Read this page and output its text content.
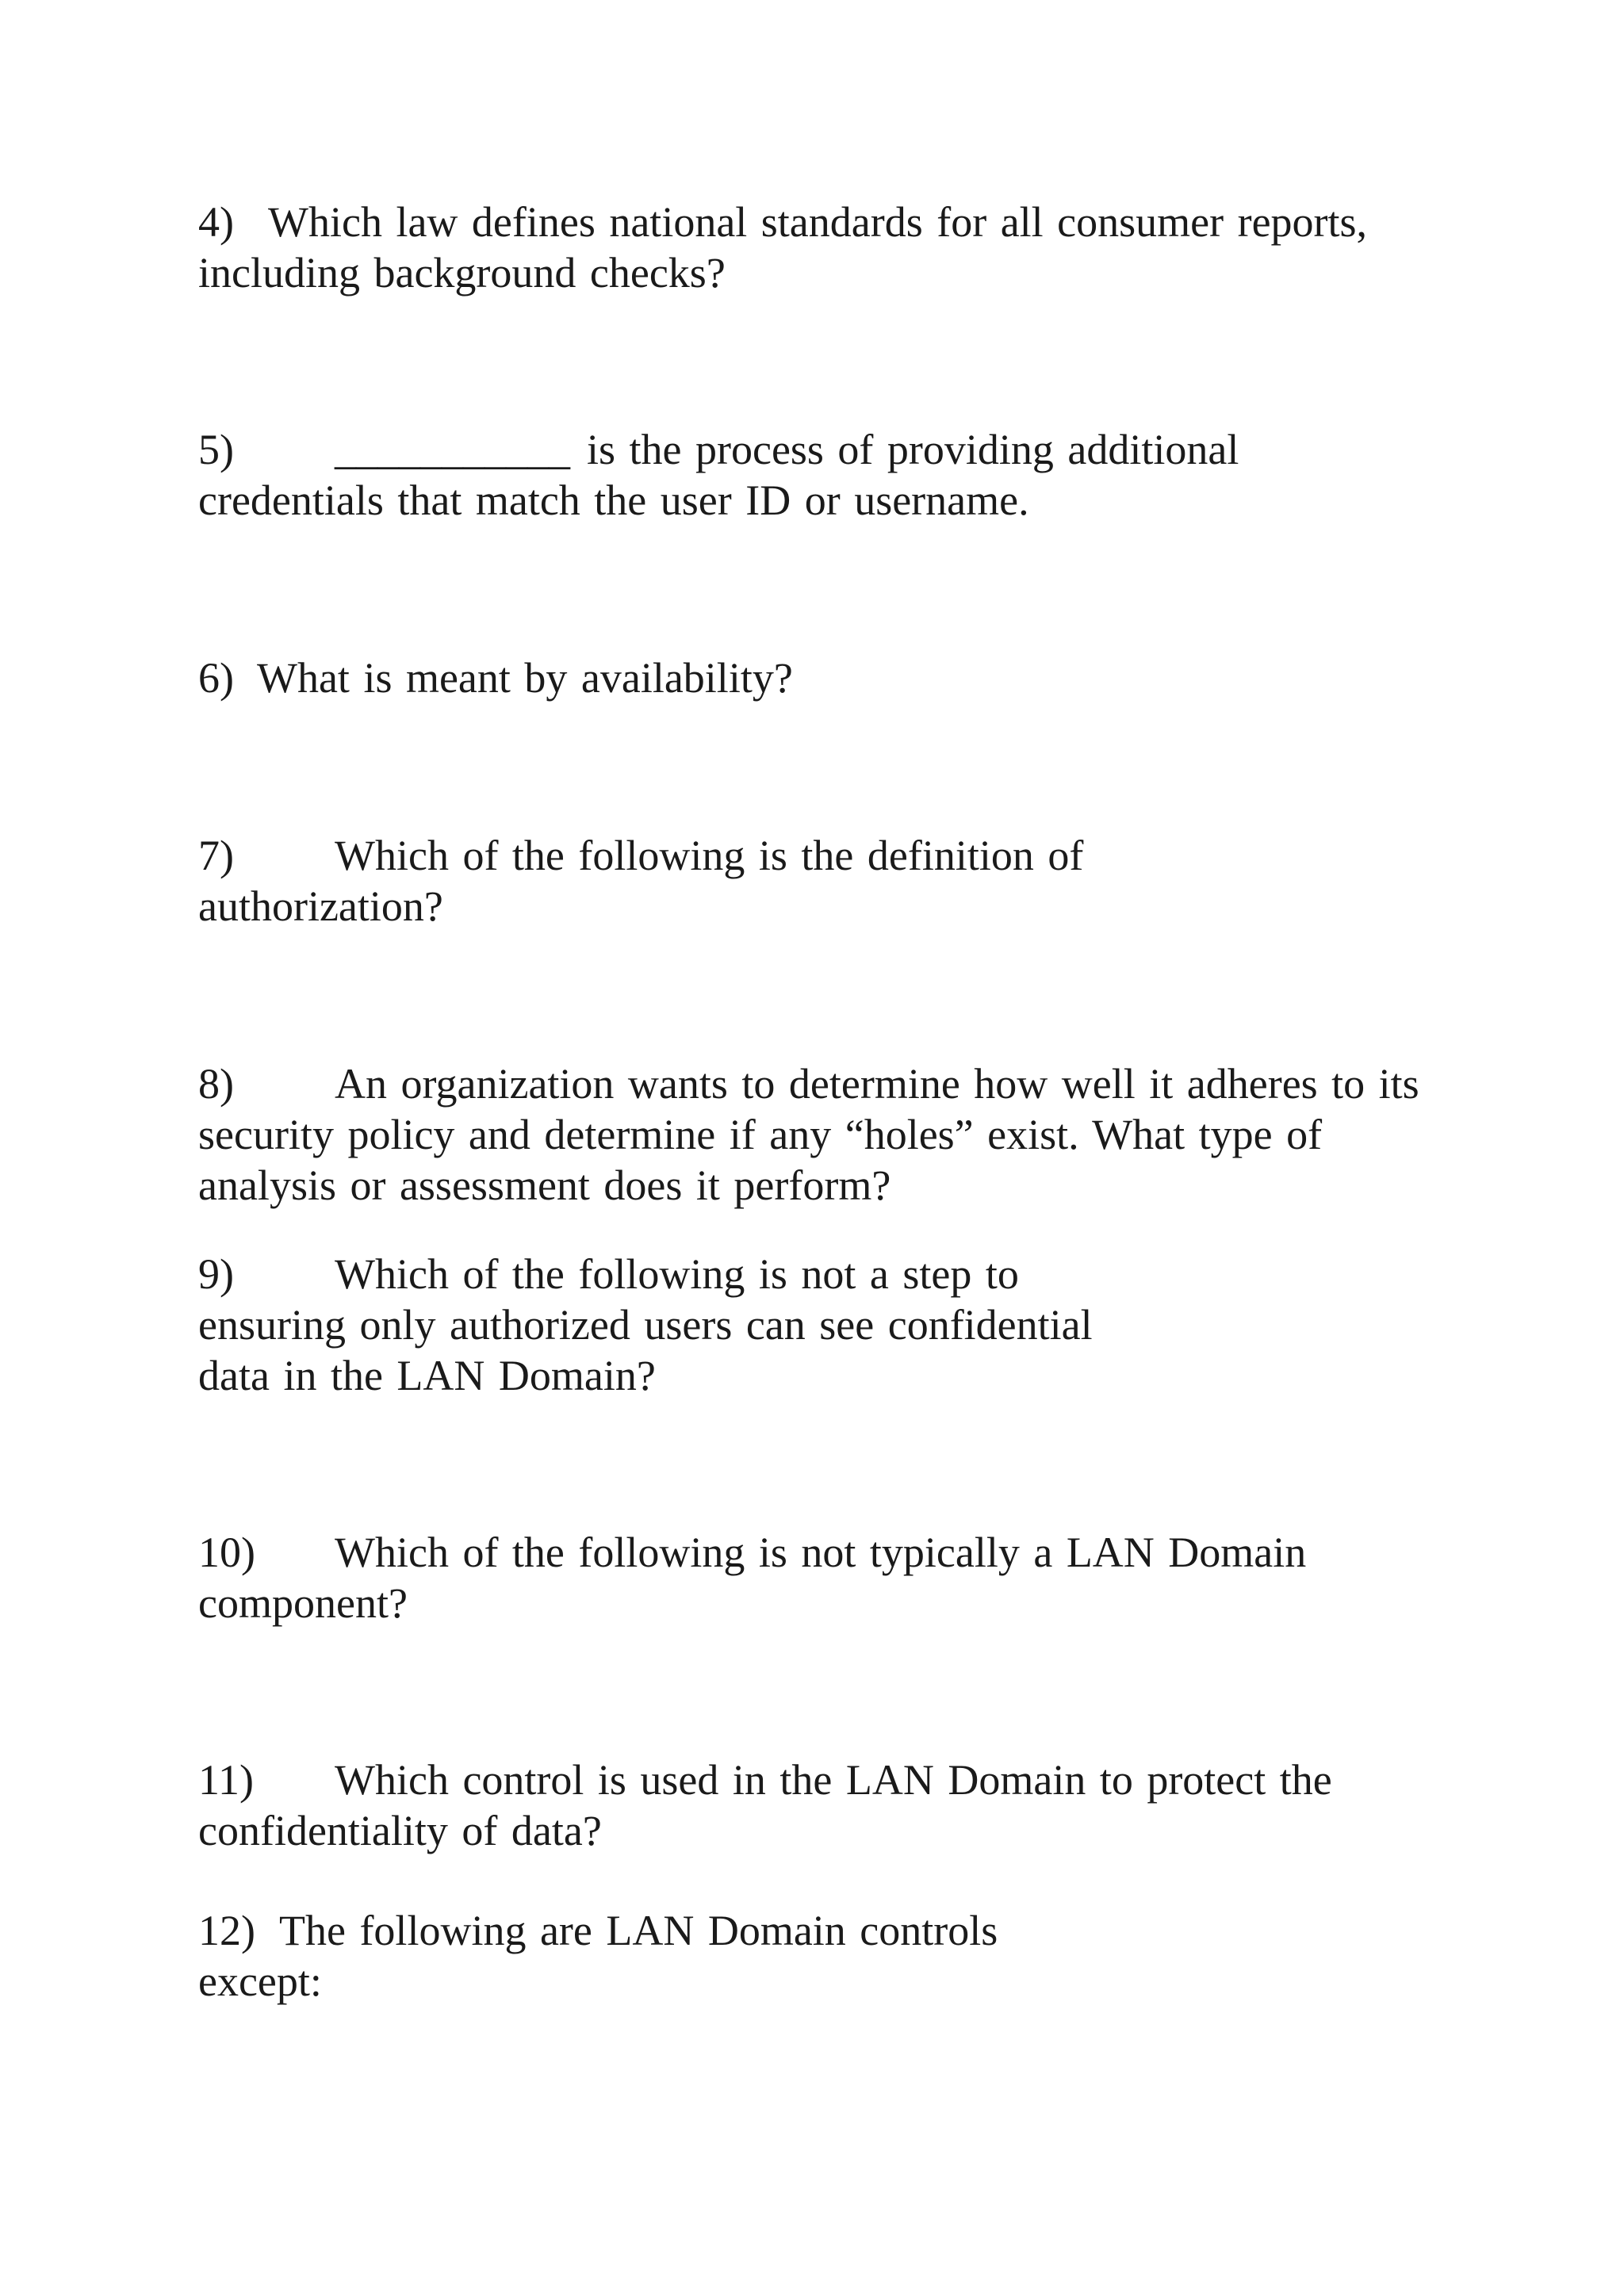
4) Which law defines national standards for all consumer reports, including background checks?
5) ___________ is the process of providing additional credentials that match the user ID or username.
6) What is meant by availability?
7) Which of the following is the definition of authorization?
8) An organization wants to determine how well it adheres to its security policy and determine if any “holes” exist. What type of analysis or assessment does it perform?
9) Which of the following is not a step to ensuring only authorized users can see confidential data in the LAN Domain?
10) Which of the following is not typically a LAN Domain component?
11) Which control is used in the LAN Domain to protect the confidentiality of data?
12) The following are LAN Domain controls except:
